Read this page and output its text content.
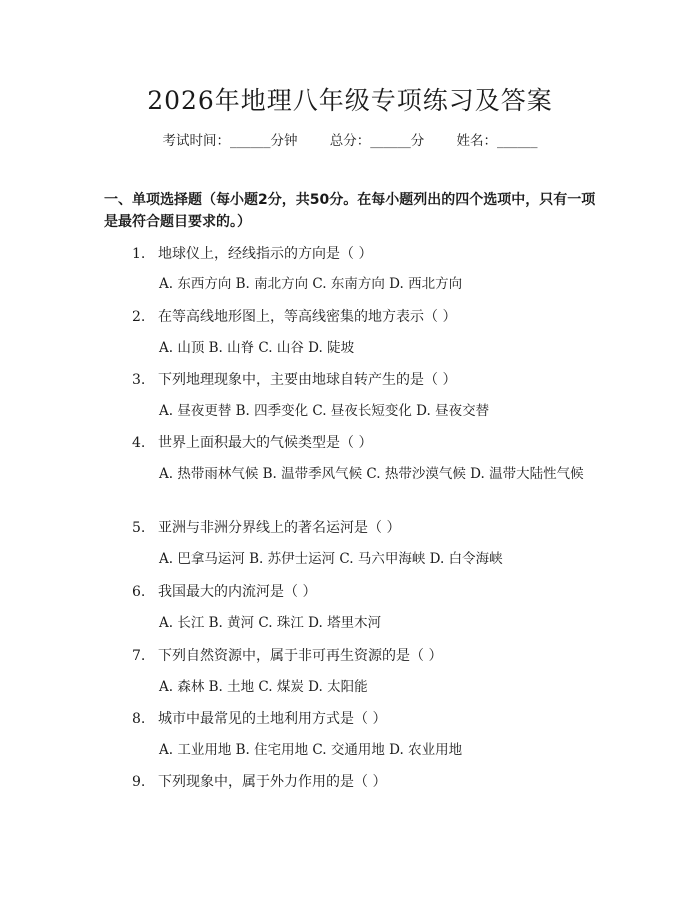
2026年地理八年级专项练习及答案
考试时间：______分钟 总分：______分 姓名：______
一、单项选择题（每小题2分，共50分。在每小题列出的四个选项中，只有一项是最符合题目要求的。）
1. 地球仪上，经线指示的方向是（ ）
A. 东西方向 B. 南北方向 C. 东南方向 D. 西北方向
2. 在等高线地形图上，等高线密集的地方表示（ ）
A. 山顶 B. 山脊 C. 山谷 D. 陡坡
3. 下列地理现象中，主要由地球自转产生的是（ ）
A. 昼夜更替 B. 四季变化 C. 昼夜长短变化 D. 昼夜交替
4. 世界上面积最大的气候类型是（ ）
A. 热带雨林气候 B. 温带季风气候 C. 热带沙漠气候 D. 温带大陆性气候
5. 亚洲与非洲分界线上的著名运河是（ ）
A. 巴拿马运河 B. 苏伊士运河 C. 马六甲海峡 D. 白令海峡
6. 我国最大的内流河是（ ）
A. 长江 B. 黄河 C. 珠江 D. 塔里木河
7. 下列自然资源中，属于非可再生资源的是（ ）
A. 森林 B. 土地 C. 煤炭 D. 太阳能
8. 城市中最常见的土地利用方式是（ ）
A. 工业用地 B. 住宅用地 C. 交通用地 D. 农业用地
9. 下列现象中，属于外力作用的是（ ）
